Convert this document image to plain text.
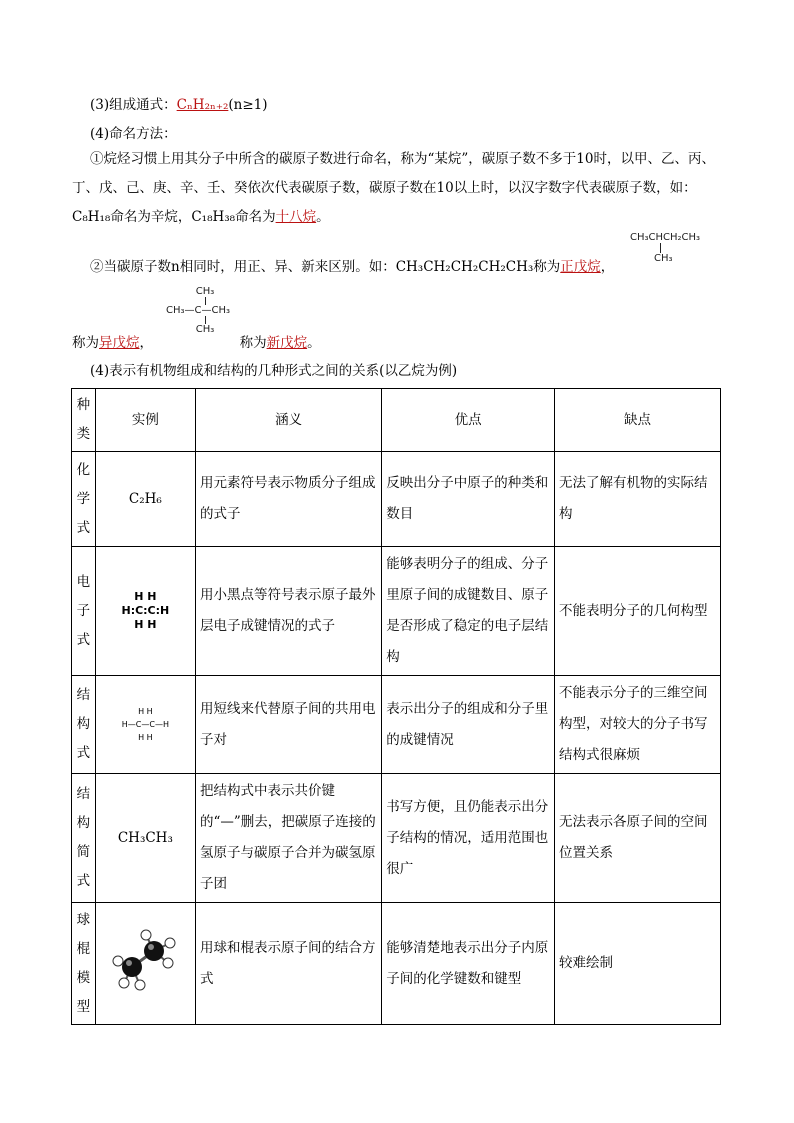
(3)组成通式：CₙH₂ₙ₊₂(n≥1)
(4)命名方法：
①烷烃习惯上用其分子中所含的碳原子数进行命名，称为“某烷”，碳原子数不多于10时，以甲、乙、丙、丁、戊、己、庚、辛、壬、癸依次代表碳原子数，碳原子数在10以上时，以汉字数字代表碳原子数，如：C₈H₁₈命名为辛烷，C₁₈H₃₈命名为十八烷。
CH₃CHCH₂CH₃
CH₃
②当碳原子数n相同时，用正、异、新来区别。如：CH₃CH₂CH₂CH₂CH₃称为正戊烷，
CH₃
CH₃—C—CH₃
CH₃
称为异戊烷，	称为新戊烷。
(4)表示有机物组成和结构的几种形式之间的关系(以乙烷为例)
种类	实例	涵义	优点	缺点
化学式	C₂H₆	用元素符号表示物质分子组成的式子	反映出分子中原子的种类和数目	无法了解有机物的实际结构
电子式	H H
H:C:C:H
H H	用小黑点等符号表示原子最外层电子成键情况的式子	能够表明分子的组成、分子里原子间的成键数目、原子是否形成了稳定的电子层结构	不能表明分子的几何构型
结构式	H H
H—C—C—H
H H	用短线来代替原子间的共用电子对	表示出分子的组成和分子里的成键情况	不能表示分子的三维空间构型，对较大的分子书写结构式很麻烦
结构简式	CH₃CH₃	把结构式中表示共价键的“—”删去，把碳原子连接的氢原子与碳原子合并为碳氢原子团	书写方便，且仍能表示出分子结构的情况，适用范围也很广	无法表示各原子间的空间位置关系
球棍模型		用球和棍表示原子间的结合方式	能够清楚地表示出分子内原子间的化学键数和键型	较难绘制
